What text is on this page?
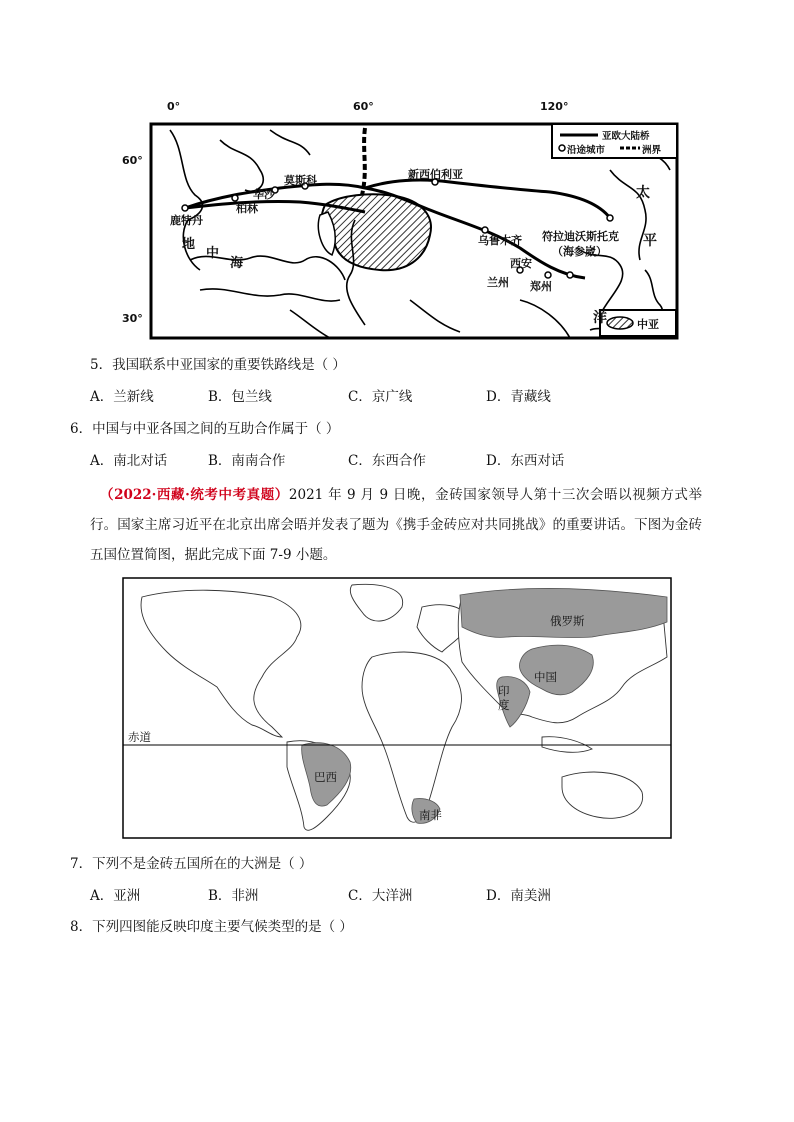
0°	60°	120°
60°
30°
亚欧大陆桥
沿途城市	洲界
中亚
鹿特丹
柏林
华沙
莫斯科	新西伯利亚
乌鲁木齐 符拉迪沃斯托克
（海参崴）
西安
兰州 郑州
太
平
洋
地
中
海
5．我国联系中亚国家的重要铁路线是（ ）
A．兰新线	B．包兰线	C．京广线	D．青藏线
6．中国与中亚各国之间的互助合作属于（ ）
A．南北对话	B．南南合作	C．东西合作	D．东西对话
（2022·西藏·统考中考真题）2021 年 9 月 9 日晚，金砖国家领导人第十三次会晤以视频方式举行。国家主席习近平在北京出席会晤并发表了题为《携手金砖应对共同挑战》的重要讲话。下图为金砖五国位置简图，据此完成下面 7-9 小题。
赤道
俄罗斯
中国
印
度
巴西
南非
7．下列不是金砖五国所在的大洲是（ ）
A．亚洲	B．非洲	C．大洋洲	D．南美洲
8．下列四图能反映印度主要气候类型的是（ ）
